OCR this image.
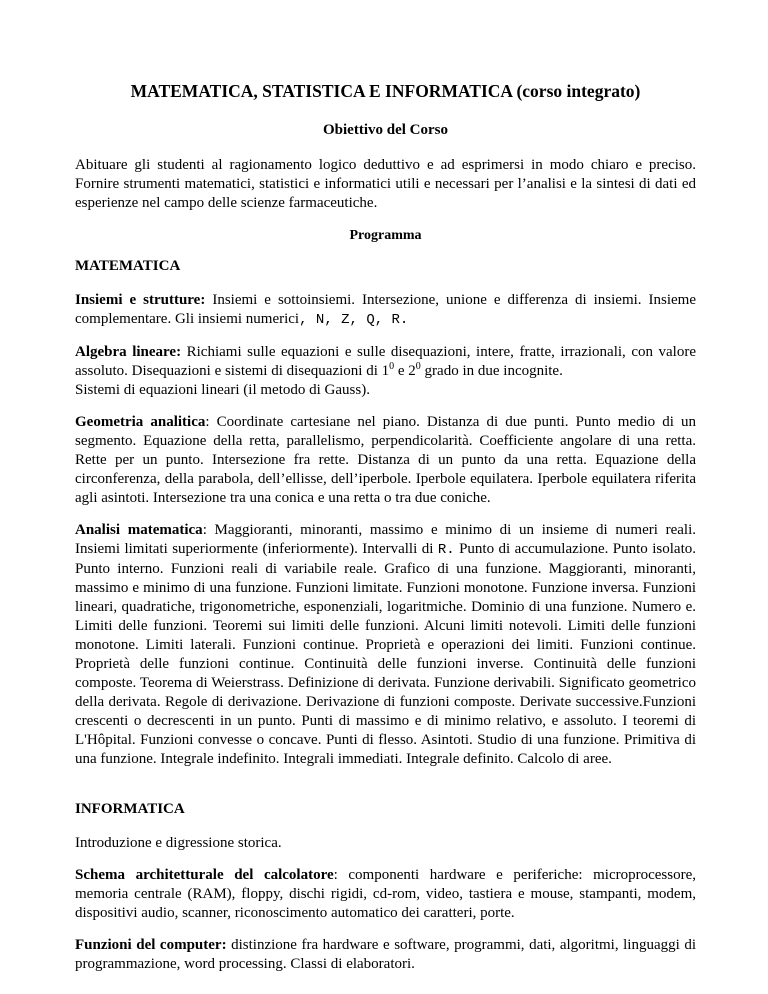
MATEMATICA, STATISTICA E INFORMATICA (corso integrato)
Obiettivo del Corso

Abituare gli studenti al ragionamento logico deduttivo e ad esprimersi in modo chiaro e preciso. Fornire strumenti matematici, statistici e informatici utili e necessari per l’analisi e la sintesi di dati ed esperienze nel campo delle scienze farmaceutiche.

Programma
MATEMATICA

Insiemi e strutture: Insiemi e sottoinsiemi. Intersezione, unione e differenza di insiemi. Insieme complementare. Gli insiemi numerici, N, Z, Q, R.

Algebra lineare: Richiami sulle equazioni e sulle disequazioni, intere, fratte, irrazionali, con valore assoluto. Disequazioni e sistemi di disequazioni di $1^0$ e $2^0$ grado in due incognite.
Sistemi di equazioni lineari (il metodo di Gauss).

Geometria analitica: Coordinate cartesiane nel piano. Distanza di due punti. Punto medio di un segmento. Equazione della retta, parallelismo, perpendicolarità. Coefficiente angolare di una retta. Rette per un punto. Intersezione fra rette. Distanza di un punto da una retta. Equazione della circonferenza, della parabola, dell’ellisse, dell’iperbole. Iperbole equilatera. Iperbole equilatera riferita agli asintoti. Intersezione tra una conica e una retta o tra due coniche.

Analisi matematica: Maggioranti, minoranti, massimo e minimo di un insieme di numeri reali. Insiemi limitati superiormente (inferiormente). Intervalli di R. Punto di accumulazione. Punto isolato. Punto interno. Funzioni reali di variabile reale. Grafico di una funzione. Maggioranti, minoranti, massimo e minimo di una funzione. Funzioni limitate. Funzioni monotone. Funzione inversa. Funzioni lineari, quadratiche, trigonometriche, esponenziali, logaritmiche. Dominio di una funzione. Numero e. Limiti delle funzioni. Teoremi sui limiti delle funzioni. Alcuni limiti notevoli. Limiti delle funzioni monotone. Limiti laterali. Funzioni continue. Proprietà e operazioni dei limiti. Funzioni continue. Proprietà delle funzioni continue. Continuità delle funzioni inverse. Continuità delle funzioni composte. Teorema di Weierstrass. Definizione di derivata. Funzione derivabili. Significato geometrico della derivata. Regole di derivazione. Derivazione di funzioni composte. Derivate successive.Funzioni crescenti o decrescenti in un punto. Punti di massimo e di minimo relativo, e assoluto. I teoremi di L'Hôpital. Funzioni convesse o concave. Punti di flesso. Asintoti. Studio di una funzione. Primitiva di una funzione. Integrale indefinito. Integrali immediati. Integrale definito. Calcolo di aree.

INFORMATICA

Introduzione e digressione storica.

Schema architetturale del calcolatore: componenti hardware e periferiche: microprocessore, memoria centrale (RAM), floppy, dischi rigidi, cd-rom, video, tastiera e mouse, stampanti, modem, dispositivi audio, scanner, riconoscimento automatico dei caratteri, porte.

Funzioni del computer: distinzione fra hardware e software, programmi, dati, algoritmi, linguaggi di programmazione, word processing. Classi di elaboratori.
